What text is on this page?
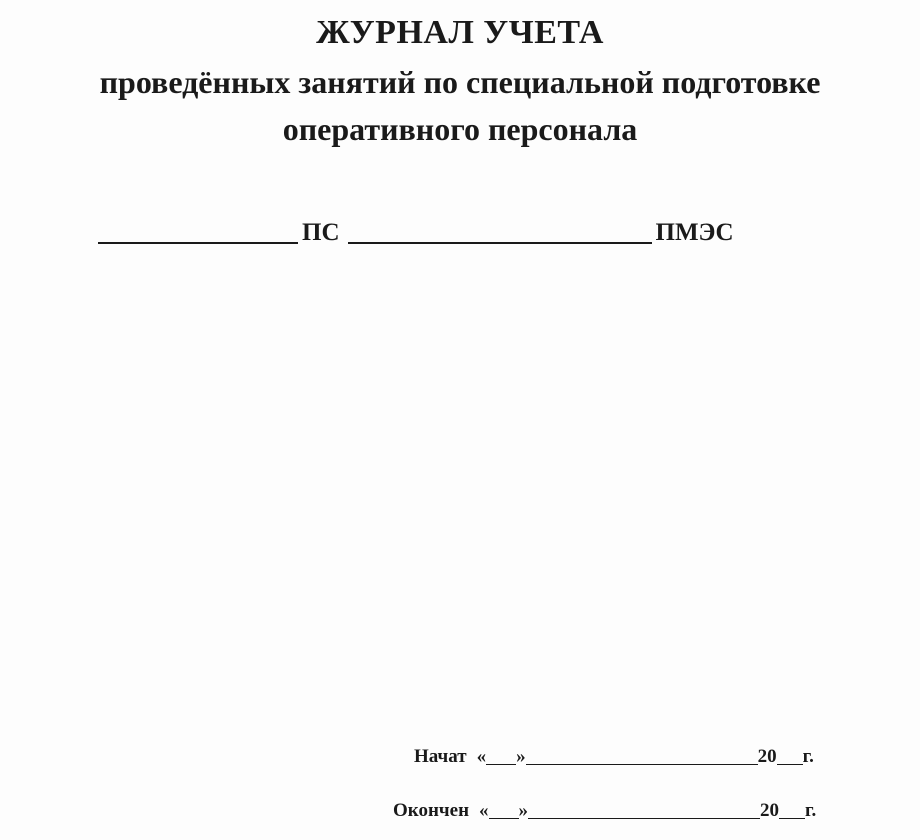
ЖУРНАЛ УЧЕТА
проведённых занятий по специальной подготовке
оперативного персонала
ПС	ПМЭС
Начат « »	20 г.
Окончен « »	20 г.
